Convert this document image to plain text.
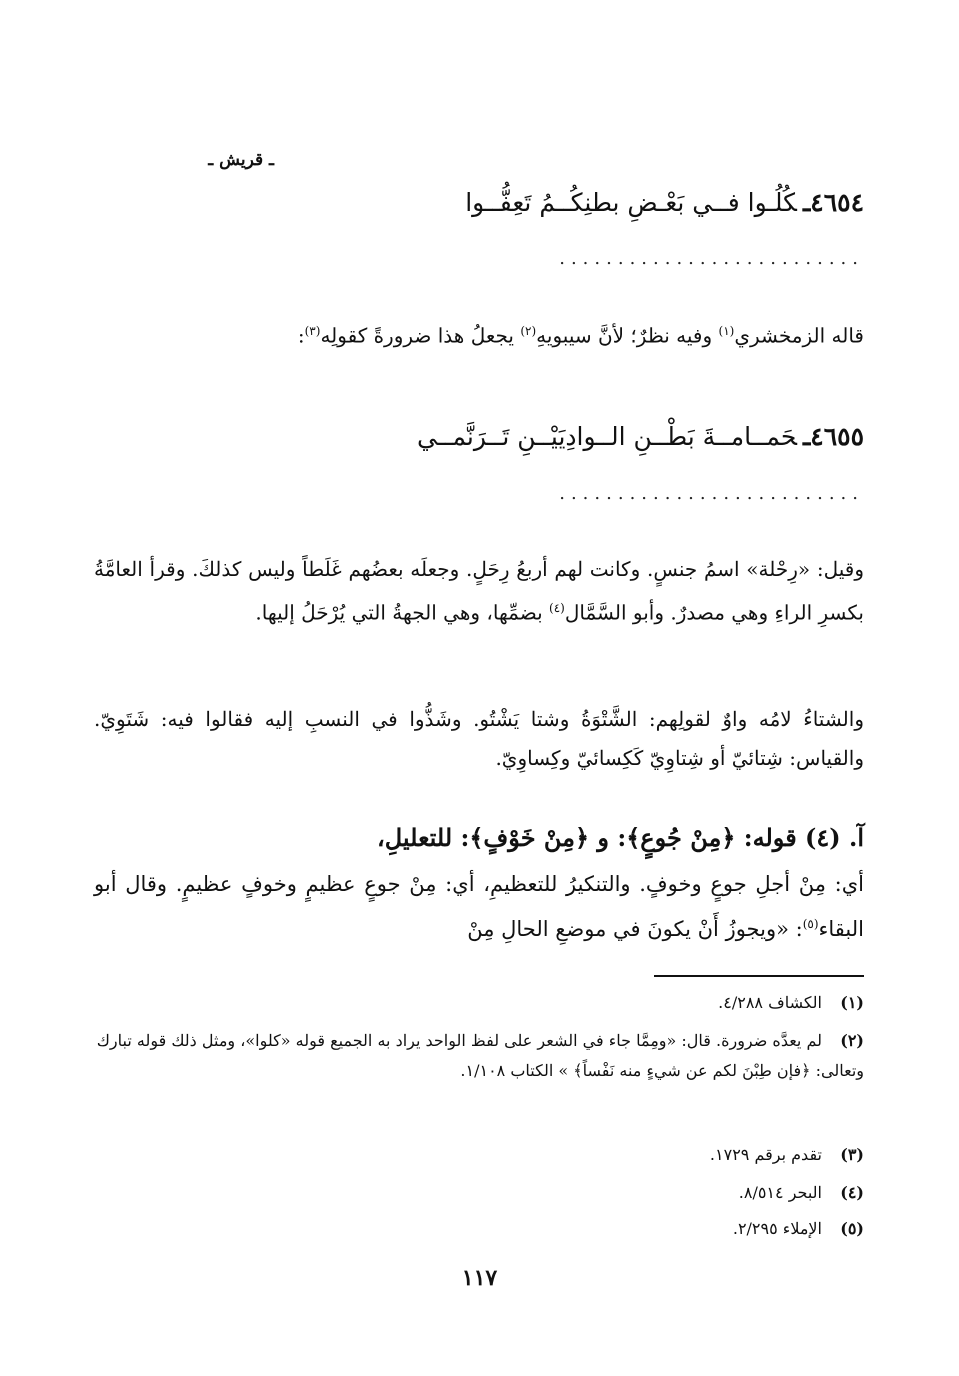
ـ قريش ـ
٤٦٥٤ـكُلُـوا فــي بَعْـضِ بطنِكُــمُ تَعِفُّــوا
..........................
قاله الزمخشري$^{(١)}$ وفيه نظرٌ؛ لأنَّ سيبويهِ$^{(٢)}$ يجعلُ هذا ضرورةً كقولِه$^{(٣)}$:
٤٦٥٥ـحَمــامــةَ بَطْــنِ الــوادِيَيْــنِ تَــرَنَّمــي
..........................
وقيل: «رِحْلة» اسمُ جنسٍ. وكانت لهم أربعُ رِحَلٍ. وجعلَه بعضُهم غَلَطاً وليس كذلكَ. وقرأ العامَّةُ بكسرِ الراءِ وهي مصدرٌ. وأبو السَّمَّال$^{(٤)}$ بضمِّها، وهي الجهةُ التي يُرْحَلُ إليها.
والشتاءُ لامُه واوٌ لقولِهم: الشَّتْوَةُ وشتا يَشْتُو. وشَذُّوا في النسبِ إليه فقالوا فيه: شَتَوِيّ. والقياس: شِتائيّ أو شِتاوِيّ كَكِسائيّ وكِساوِيّ.
آ. (٤) قوله: ﴿مِنْ جُوعٍ﴾: و ﴿مِنْ خَوْفٍ﴾: للتعليلِ،
أي: مِنْ أجلِ جوعٍ وخوفٍ. والتنكيرُ للتعظيمِ، أي: مِنْ جوعٍ عظيمٍ وخوفٍ عظيمٍ. وقال أبو البقاء$^{(٥)}$: «ويجوزُ أَنْ يكونَ في موضعِ الحالِ مِنْ
(١)الكشاف ٤/٢٨٨.
(٢)لم يعدَّه ضرورة. قال: «ومِمَّا جاء في الشعر على لفظ الواحد يراد به الجميع قوله «كلوا»، ومثل ذلك قوله تبارك وتعالى: ﴿فإن طِبْنَ لكم عن شيءٍ منه نَفْساً﴾ » الكتاب ١/١٠٨.
(٣)تقدم برقم ١٧٢٩.
(٤)البحر ٨/٥١٤.
(٥)الإملاء ٢/٢٩٥.
١١٧
